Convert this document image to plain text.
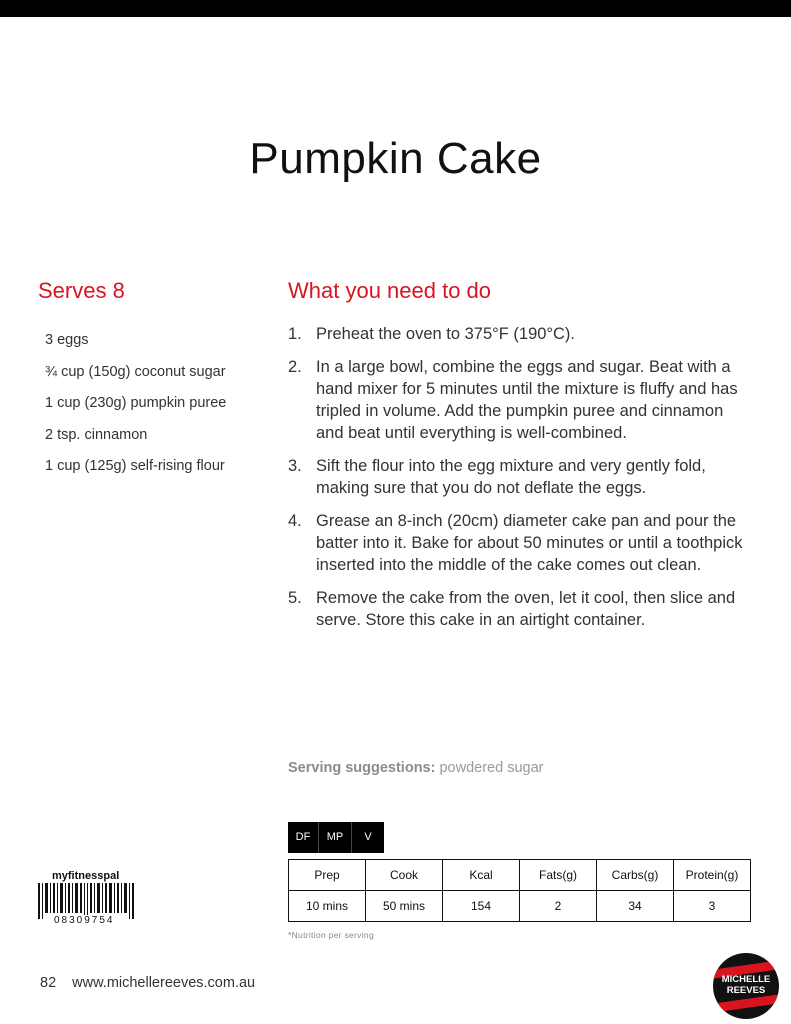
Pumpkin Cake
Serves 8	What you need to do
3 eggs
¾ cup (150g) coconut sugar
1 cup (230g) pumpkin puree
2 tsp. cinnamon
1 cup (125g) self-rising flour
1. Preheat the oven to 375°F (190°C).
2. In a large bowl, combine the eggs and sugar. Beat with a hand mixer for 5 minutes until the mixture is fluffy and has tripled in volume. Add the pumpkin puree and cinnamon and beat until everything is well-combined.
3. Sift the flour into the egg mixture and very gently fold, making sure that you do not deflate the eggs.
4. Grease an 8-inch (20cm) diameter cake pan and pour the batter into it. Bake for about 50 minutes or until a toothpick inserted into the middle of the cake comes out clean.
5. Remove the cake from the oven, let it cool, then slice and serve. Store this cake in an airtight container.
Serving suggestions: powdered sugar
DF	MP	V
Prep	Cook	Kcal	Fats(g)	Carbs(g)	Protein(g)
10 mins	50 mins	154	2	34	3
*Nutrition per serving
myfitnesspal
08309754
82 www.michellereeves.com.au	MICHELLE
REEVES
